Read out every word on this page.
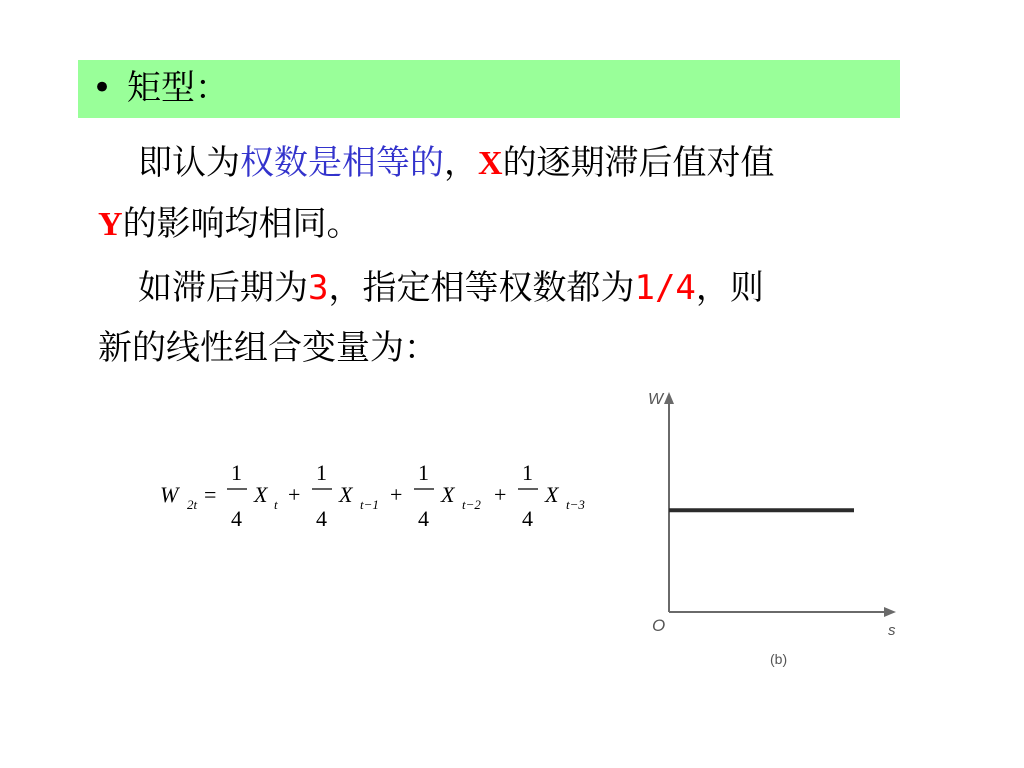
• 矩型：
即认为权数是相等的，X的逐期滞后值对值
Y的影响均相同。
如滞后期为3，指定相等权数都为1/4，则
新的线性组合变量为：
W 2t =
1
4
X t +
1
4
X t−1 +
1
4
X t−2 +
1
4
X t−3
W
O	s
(b)
